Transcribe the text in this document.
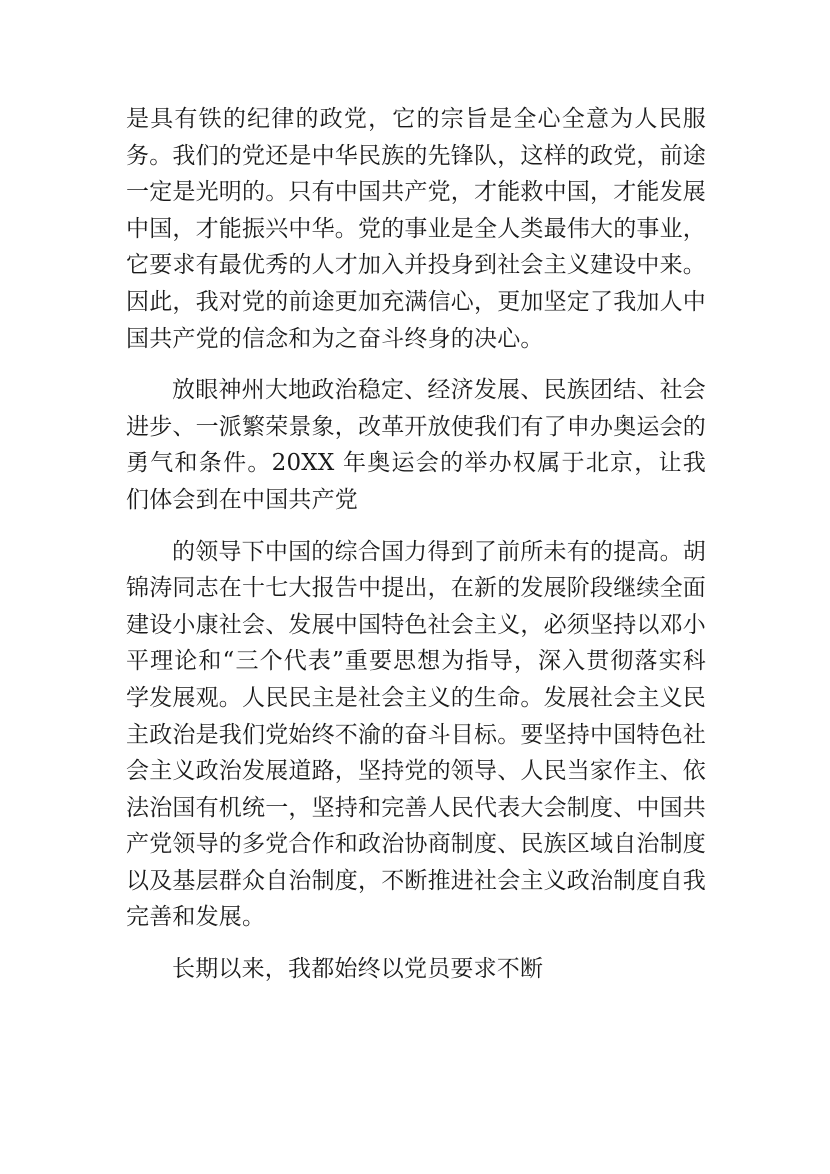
是具有铁的纪律的政党，它的宗旨是全心全意为人民服务。我们的党还是中华民族的先锋队，这样的政党，前途一定是光明的。只有中国共产党，才能救中国，才能发展中国，才能振兴中华。党的事业是全人类最伟大的事业，它要求有最优秀的人才加入并投身到社会主义建设中来。因此，我对党的前途更加充满信心，更加坚定了我加人中国共产党的信念和为之奋斗终身的决心。

放眼神州大地政治稳定、经济发展、民族团结、社会进步、一派繁荣景象，改革开放使我们有了申办奥运会的勇气和条件。20XX 年奥运会的举办权属于北京，让我们体会到在中国共产党

的领导下中国的综合国力得到了前所未有的提高。胡锦涛同志在十七大报告中提出，在新的发展阶段继续全面建设小康社会、发展中国特色社会主义，必须坚持以邓小平理论和“三个代表”重要思想为指导，深入贯彻落实科学发展观。人民民主是社会主义的生命。发展社会主义民主政治是我们党始终不渝的奋斗目标。要坚持中国特色社会主义政治发展道路，坚持党的领导、人民当家作主、依法治国有机统一，坚持和完善人民代表大会制度、中国共产党领导的多党合作和政治协商制度、民族区域自治制度以及基层群众自治制度，不断推进社会主义政治制度自我完善和发展。

长期以来，我都始终以党员要求不断
